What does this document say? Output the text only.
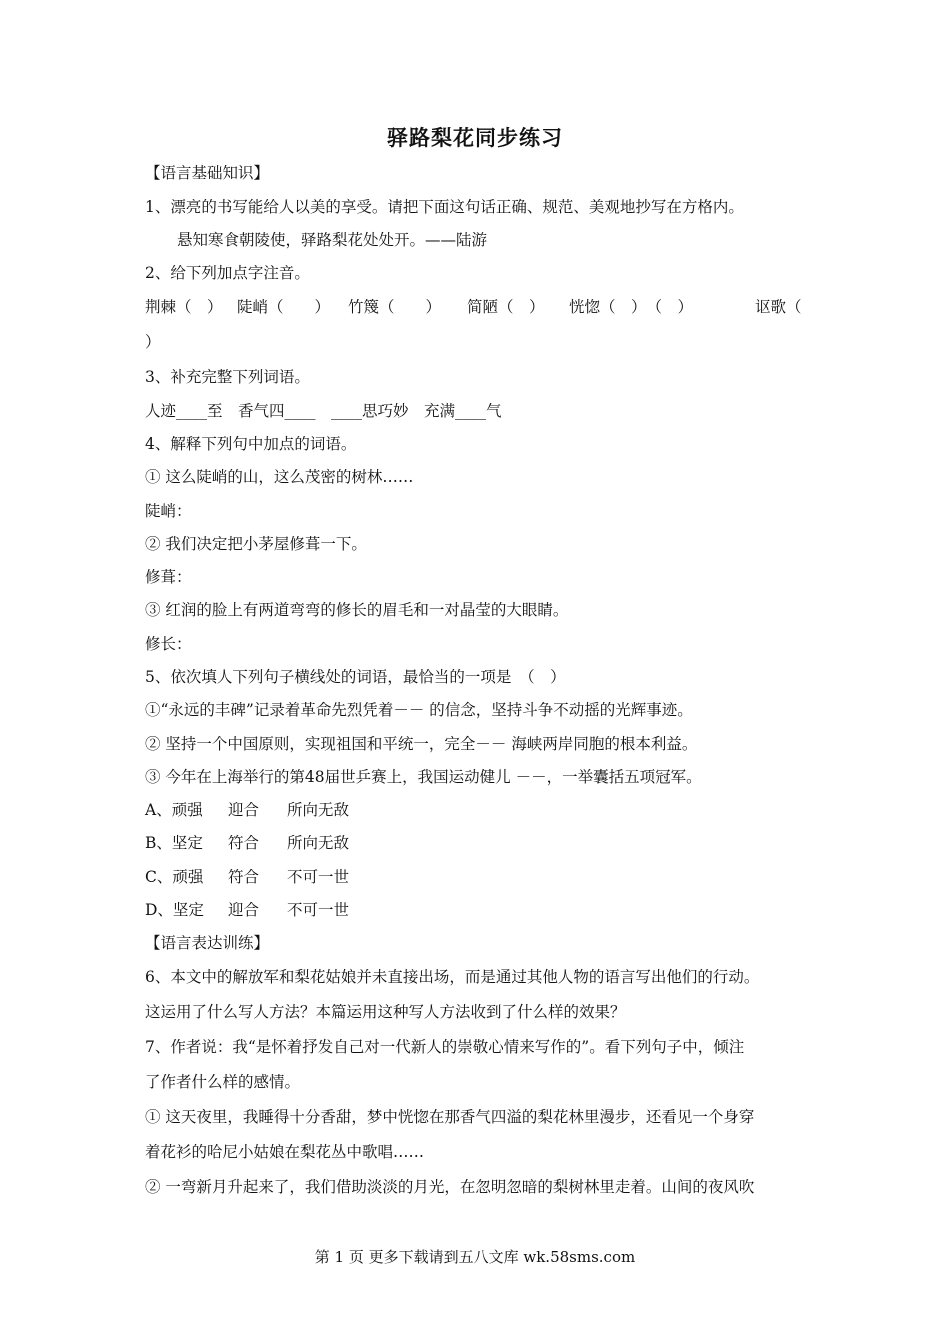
驿路梨花同步练习
【语言基础知识】
1、漂亮的书写能给人以美的享受。请把下面这句话正确、规范、美观地抄写在方格内。
悬知寒食朝陵使，驿路梨花处处开。——陆游
2、给下列加点字注音。
荆棘（　） 陡峭（　　） 竹篾（　　） 简陋（　） 恍惚（　）　（　）	讴歌（
）
3、补充完整下列词语。
人迹____至　香气四____　____思巧妙　充满____气
4、解释下列句中加点的词语。
① 这么陡峭的山，这么茂密的树林……
陡峭：
② 我们决定把小茅屋修葺一下。
修葺：
③ 红润的脸上有两道弯弯的修长的眉毛和一对晶莹的大眼睛。
修长：
5、依次填人下列句子横线处的词语，最恰当的一项是　（　）
①“永远的丰碑”记录着革命先烈凭着－－ 的信念，坚持斗争不动摇的光辉事迹。
② 坚持一个中国原则，实现祖国和平统一，完全－－ 海峡两岸同胞的根本利益。
③ 今年在上海举行的第48届世乒赛上，我国运动健儿 －－，一举囊括五项冠军。
A、顽强 迎合 所向无敌
B、坚定 符合 所向无敌
C、顽强 符合 不可一世
D、坚定 迎合 不可一世
【语言表达训练】
6、本文中的解放军和梨花姑娘并未直接出场，而是通过其他人物的语言写出他们的行动。
这运用了什么写人方法？本篇运用这种写人方法收到了什么样的效果？
7、作者说：我“是怀着抒发自己对一代新人的崇敬心情来写作的”。看下列句子中，倾注
了作者什么样的感情。
① 这天夜里，我睡得十分香甜，梦中恍惚在那香气四溢的梨花林里漫步，还看见一个身穿
着花衫的哈尼小姑娘在梨花丛中歌唱……
② 一弯新月升起来了，我们借助淡淡的月光，在忽明忽暗的梨树林里走着。山间的夜风吹
第 1 页 更多下载请到五八文库 wk.58sms.com
